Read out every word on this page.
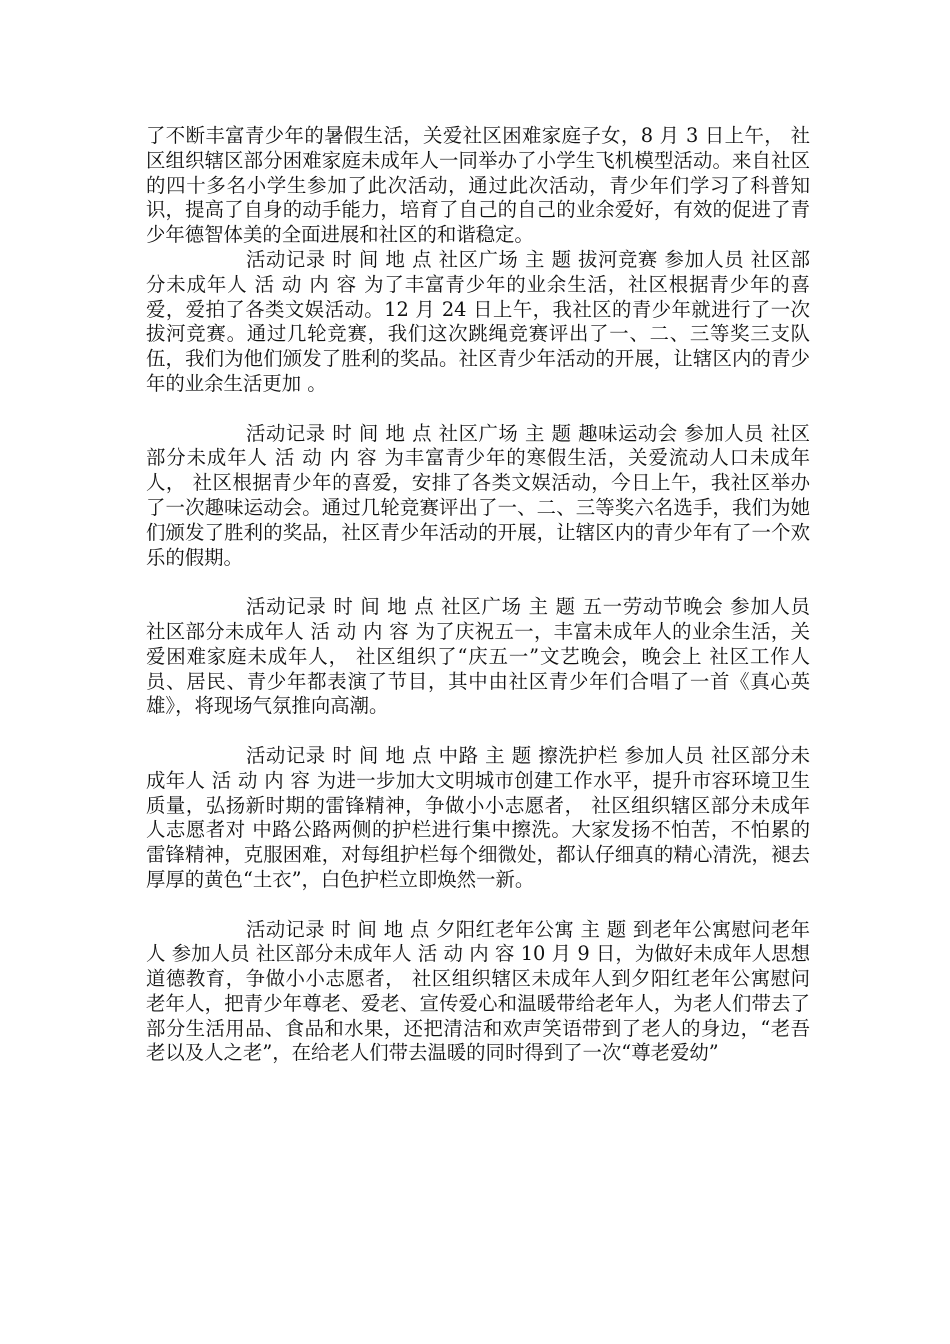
了不断丰富青少年的暑假生活，关爱社区困难家庭子女，8 月 3 日上午， 社区组织辖区部分困难家庭未成年人一同举办了小学生飞机模型活动。来自社区的四十多名小学生参加了此次活动，通过此次活动，青少年们学习了科普知识，提高了自身的动手能力，培育了自己的自己的业余爱好，有效的促进了青少年德智体美的全面进展和社区的和谐稳定。

活动记录 时 间 地 点 社区广场 主 题 拔河竞赛 参加人员 社区部分未成年人 活 动 内 容 为了丰富青少年的业余生活，社区根据青少年的喜爱，爱拍了各类文娱活动。12 月 24 日上午，我社区的青少年就进行了一次拔河竞赛。通过几轮竞赛，我们这次跳绳竞赛评出了一、二、三等奖三支队伍，我们为他们颁发了胜利的奖品。社区青少年活动的开展，让辖区内的青少年的业余生活更加 。

活动记录 时 间 地 点 社区广场 主 题 趣味运动会 参加人员 社区部分未成年人 活 动 内 容 为丰富青少年的寒假生活，关爱流动人口未成年人， 社区根据青少年的喜爱，安排了各类文娱活动，今日上午，我社区举办了一次趣味运动会。通过几轮竞赛评出了一、二、三等奖六名选手，我们为她们颁发了胜利的奖品，社区青少年活动的开展，让辖区内的青少年有了一个欢乐的假期。

活动记录 时 间 地 点 社区广场 主 题 五一劳动节晚会 参加人员 社区部分未成年人 活 动 内 容 为了庆祝五一，丰富未成年人的业余生活，关爱困难家庭未成年人， 社区组织了“庆五一”文艺晚会，晚会上 社区工作人员、居民、青少年都表演了节目，其中由社区青少年们合唱了一首《真心英雄》，将现场气氛推向高潮。

活动记录 时 间 地 点 中路 主 题 擦洗护栏 参加人员 社区部分未成年人 活 动 内 容 为进一步加大文明城市创建工作水平，提升市容环境卫生质量，弘扬新时期的雷锋精神，争做小小志愿者， 社区组织辖区部分未成年人志愿者对 中路公路两侧的护栏进行集中擦洗。大家发扬不怕苦，不怕累的雷锋精神，克服困难，对每组护栏每个细微处，都认仔细真的精心清洗，褪去厚厚的黄色“土衣”，白色护栏立即焕然一新。

活动记录 时 间 地 点 夕阳红老年公寓 主 题 到老年公寓慰问老年人 参加人员 社区部分未成年人 活 动 内 容 10 月 9 日，为做好未成年人思想道德教育，争做小小志愿者， 社区组织辖区未成年人到夕阳红老年公寓慰问老年人，把青少年尊老、爱老、宣传爱心和温暖带给老年人，为老人们带去了部分生活用品、食品和水果，还把清洁和欢声笑语带到了老人的身边，“老吾老以及人之老”，在给老人们带去温暖的同时得到了一次“尊老爱幼”
